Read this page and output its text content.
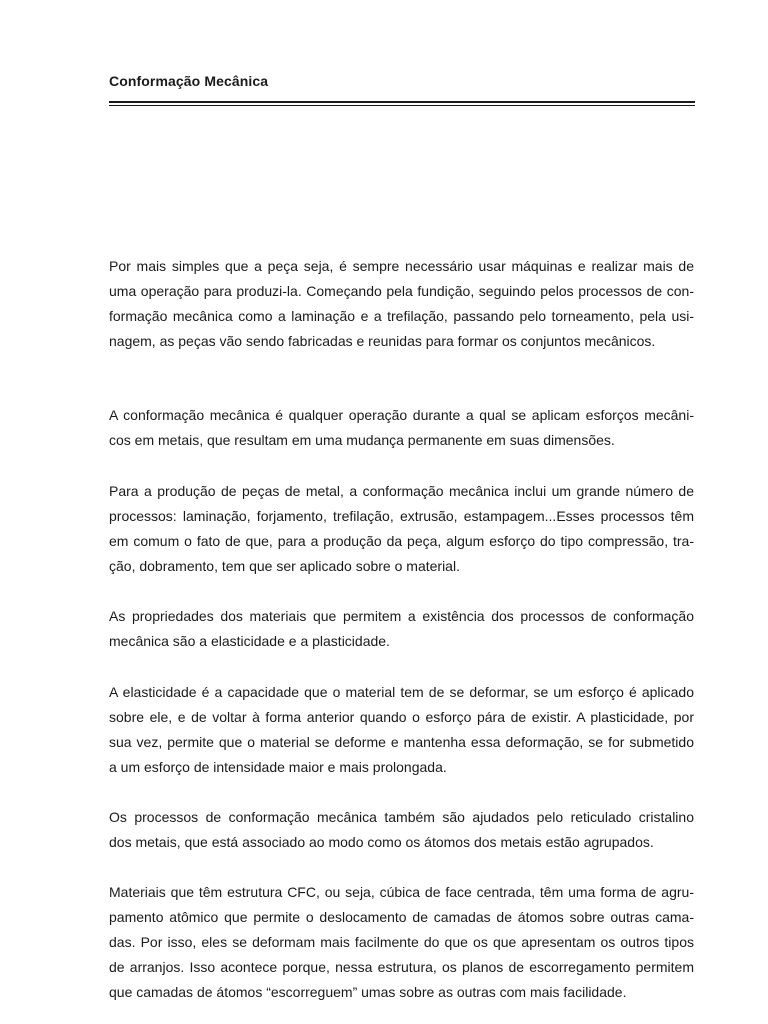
Conformação Mecânica
Por mais simples que a peça seja, é sempre necessário usar máquinas e realizar mais de
uma operação para produzi-la. Começando pela fundição, seguindo pelos processos de con-
formação mecânica como a laminação e a trefilação, passando pelo torneamento, pela usi-
nagem, as peças vão sendo fabricadas e reunidas para formar os conjuntos mecânicos.
A conformação mecânica é qualquer operação durante a qual se aplicam esforços mecâni-
cos em metais, que resultam em uma mudança permanente em suas dimensões.
Para a produção de peças de metal, a conformação mecânica inclui um grande número de
processos: laminação, forjamento, trefilação, extrusão, estampagem...Esses processos têm
em comum o fato de que, para a produção da peça, algum esforço do tipo compressão, tra-
ção, dobramento, tem que ser aplicado sobre o material.
As propriedades dos materiais que permitem a existência dos processos de conformação
mecânica são a elasticidade e a plasticidade.
A elasticidade é a capacidade que o material tem de se deformar, se um esforço é aplicado
sobre ele, e de voltar à forma anterior quando o esforço pára de existir. A plasticidade, por
sua vez, permite que o material se deforme e mantenha essa deformação, se for submetido
a um esforço de intensidade maior e mais prolongada.
Os processos de conformação mecânica também são ajudados pelo reticulado cristalino
dos metais, que está associado ao modo como os átomos dos metais estão agrupados.
Materiais que têm estrutura CFC, ou seja, cúbica de face centrada, têm uma forma de agru-
pamento atômico que permite o deslocamento de camadas de átomos sobre outras cama-
das. Por isso, eles se deformam mais facilmente do que os que apresentam os outros tipos
de arranjos. Isso acontece porque, nessa estrutura, os planos de escorregamento permitem
que camadas de átomos “escorreguem” umas sobre as outras com mais facilidade.
